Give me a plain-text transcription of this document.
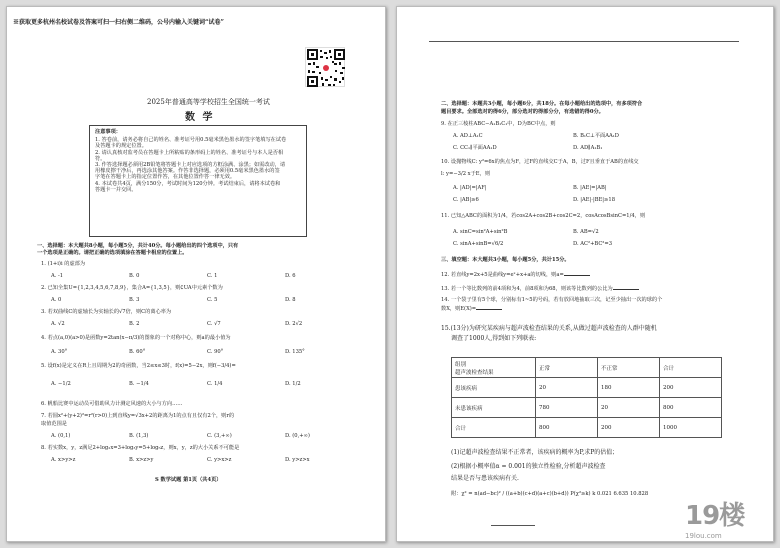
※获取更多杭州名校试卷及答案可扫一扫右侧二维码，公号内输入关键词“试卷”
2025年普通高等学校招生全国统一考试
数 学
注意事项：
1. 答卷前，请务必将自己的姓名、准考证号用0.5毫米黑色墨水的签字笔填写在试卷
及答题卡的规定位置。
2. 请认真核对监考员在答题卡上所粘贴的条形码上的姓名、准考证号与本人是否相
符。
3. 作答选择题必须用2B铅笔将答题卡上对应选项的方框涂满、涂黑；如需改动，请
用橡皮擦干净后，再选涂其他答案。作答非选择题，必须用0.5毫米黑色墨水的签
字笔在答题卡上的指定位置作答，在其他位置作答一律无效。
4. 本试卷共4页，满分150分，考试时间为120分钟。考试结束后，请将本试卷和
答题卡一并交回。
一、选择题：本大题共8小题，每小题5分，共计40分。每小题给出的四个选项中，只有
一个选项是正确的。请把正确的选项填涂在答题卡相应的位置上。
1. (1+i)i 的虚部为
A. -1	B. 0	C. 1	D. 6
2. 已知全集U={1,2,3,4,5,6,7,8,9}，集合A={1,3,5}，则∁UA中元素个数为
A. 0	B. 3	C. 5	D. 8
3. 若双曲线C的虚轴长为实轴长的√7倍，则C的离心率为
A. √2	B. 2	C. √7	D. 2√2
4. 若点(a,0)(a>0)是函数y=2tan(x−π/3)的图象的一个对称中心，则a的最小值为
A. 30°	B. 60°	C. 90°	D. 135°
5. 设f(x)是定义在R上且周期为2的奇函数，当2≤x≤3时，f(x)=5−2x，则f(−3/4)=
A. −1/2	B. −1/4	C. 1/4	D. 1/2
6. 帆船比赛中运动员可借助风力计测定风速的大小与方向……
7. 若圆x²+(y+2)²=r²(r>0)上到直线y=√3x+2的距离为1的点有且仅有2个，则r的
取值范围是
A. (0,1)	B. (1,3)	C. (3,+∞)	D. (0,+∞)
8. 若实数x，y，z满足2+log₂x=3+log₃y=5+log₅z，则x，y，z的大小关系不可能是
A. x>y>z	B. x>z>y	C. y>x>z	D. y>z>x
S 数学试题 第1页（共4页）
二、选择题：本题共3小题，每小题6分，共18分。在每小题给出的选项中，有多项符合
题目要求。全部选对的得6分，部分选对的得部分分，有选错的得0分。
9. 在正三棱柱ABC−A₁B₁C₁中，D为BC中点，则
A. AD⊥A₁C	B. B₁C⊥平面AA₁D
C. CC₁∥平面AA₁D	D. AD∥A₁B₁
10. 设抛物线C: y²=6x的焦点为F，过F的直线交C于A，B，过F且垂直于AB的直线交
l: y=−3/2 x于E，则
A. |AD|=|AF|	B. |AE|=|AB|
C. |AB|≥6	D. |AE|·|BE|≥18
11. 已知△ABC的面积为1/4，若cos2A+cos2B+cos2C=2，cosAcosBsinC=1/4，则
A. sinC=sin²A+sin²B	B. AB=√2
C. sinA+sinB=√6/2	D. AC²+BC²=3
三、填空题：本大题共3小题，每小题5分，共计15分。
12. 若直线y=2x+5是曲线y=eˣ+x+a的切线，则a=
13. 若一个等比数列的前4项和为4，前8项和为68，则该等比数列的公比为
14. 一个袋子里有5个球，分别标有1~5的号码，若有放回地抽取三次，记至少抽出一次的球的个
数X，则E(X)=
15.(13分)为研究某疾病与超声波检查结果的关系,从做过超声波检查的人群中随机
调查了1000人,得到如下列联表:
组别
超声波检查结果	正常	不正常	合计
患该疾病	20	180	200
未患该疾病	780	20	800
合计	800	200	1000
(1)记超声波检查结果不正常者，该疾病的概率为P,求P的估值；
(2)根据小概率值α = 0.001的独立性检验,分析超声波检查
结果是否与患该疾病有关.
附：χ² = n(ad−bc)² / ((a+b)(c+d)(a+c)(b+d)) P(χ²≥k) k 0.021 6.635 10.828
19楼
19lou.com
